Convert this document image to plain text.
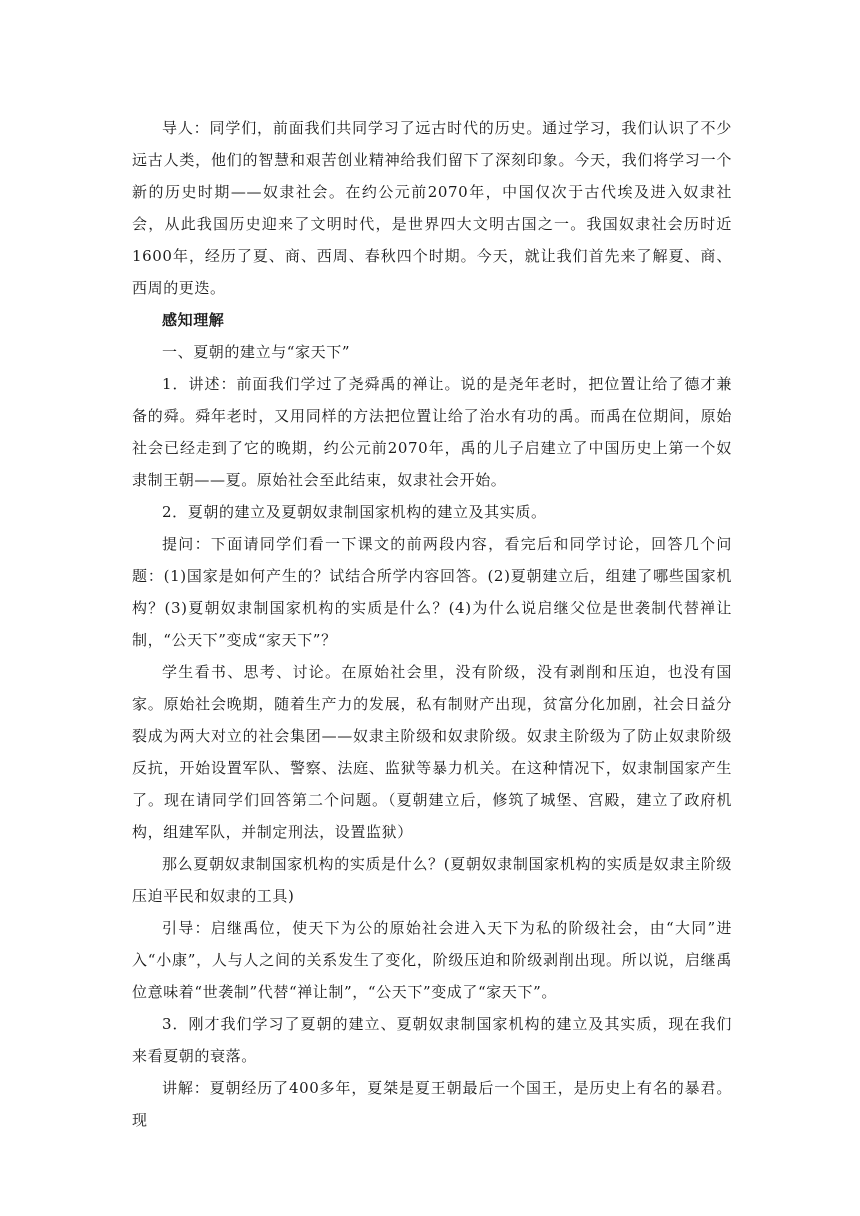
导人：同学们，前面我们共同学习了远古时代的历史。通过学习，我们认识了不少远古人类，他们的智慧和艰苦创业精神给我们留下了深刻印象。今天，我们将学习一个新的历史时期——奴隶社会。在约公元前2070年，中国仅次于古代埃及进入奴隶社会，从此我国历史迎来了文明时代，是世界四大文明古国之一。我国奴隶社会历时近1600年，经历了夏、商、西周、春秋四个时期。今天，就让我们首先来了解夏、商、西周的更迭。

感知理解

一、夏朝的建立与“家天下”

1．讲述：前面我们学过了尧舜禹的禅让。说的是尧年老时，把位置让给了德才兼备的舜。舜年老时，又用同样的方法把位置让给了治水有功的禹。而禹在位期间，原始社会已经走到了它的晚期，约公元前2070年，禹的儿子启建立了中国历史上第一个奴隶制王朝——夏。原始社会至此结束，奴隶社会开始。

2．夏朝的建立及夏朝奴隶制国家机构的建立及其实质。

提问：下面请同学们看一下课文的前两段内容，看完后和同学讨论，回答几个问题：(1)国家是如何产生的？试结合所学内容回答。(2)夏朝建立后，组建了哪些国家机构？(3)夏朝奴隶制国家机构的实质是什么？(4)为什么说启继父位是世袭制代替禅让制，“公天下”变成“家天下”？

学生看书、思考、讨论。在原始社会里，没有阶级，没有剥削和压迫，也没有国家。原始社会晚期，随着生产力的发展，私有制财产出现，贫富分化加剧，社会日益分裂成为两大对立的社会集团——奴隶主阶级和奴隶阶级。奴隶主阶级为了防止奴隶阶级反抗，开始设置军队、警察、法庭、监狱等暴力机关。在这种情况下，奴隶制国家产生了。现在请同学们回答第二个问题。（夏朝建立后，修筑了城堡、宫殿，建立了政府机构，组建军队，并制定刑法，设置监狱）

那么夏朝奴隶制国家机构的实质是什么？(夏朝奴隶制国家机构的实质是奴隶主阶级压迫平民和奴隶的工具)

引导：启继禹位，使天下为公的原始社会进入天下为私的阶级社会，由“大同”进入“小康”，人与人之间的关系发生了变化，阶级压迫和阶级剥削出现。所以说，启继禹位意味着“世袭制”代替“禅让制”，“公天下”变成了“家天下”。

3．刚才我们学习了夏朝的建立、夏朝奴隶制国家机构的建立及其实质，现在我们来看夏朝的衰落。

讲解：夏朝经历了400多年，夏桀是夏王朝最后一个国王，是历史上有名的暴君。现
